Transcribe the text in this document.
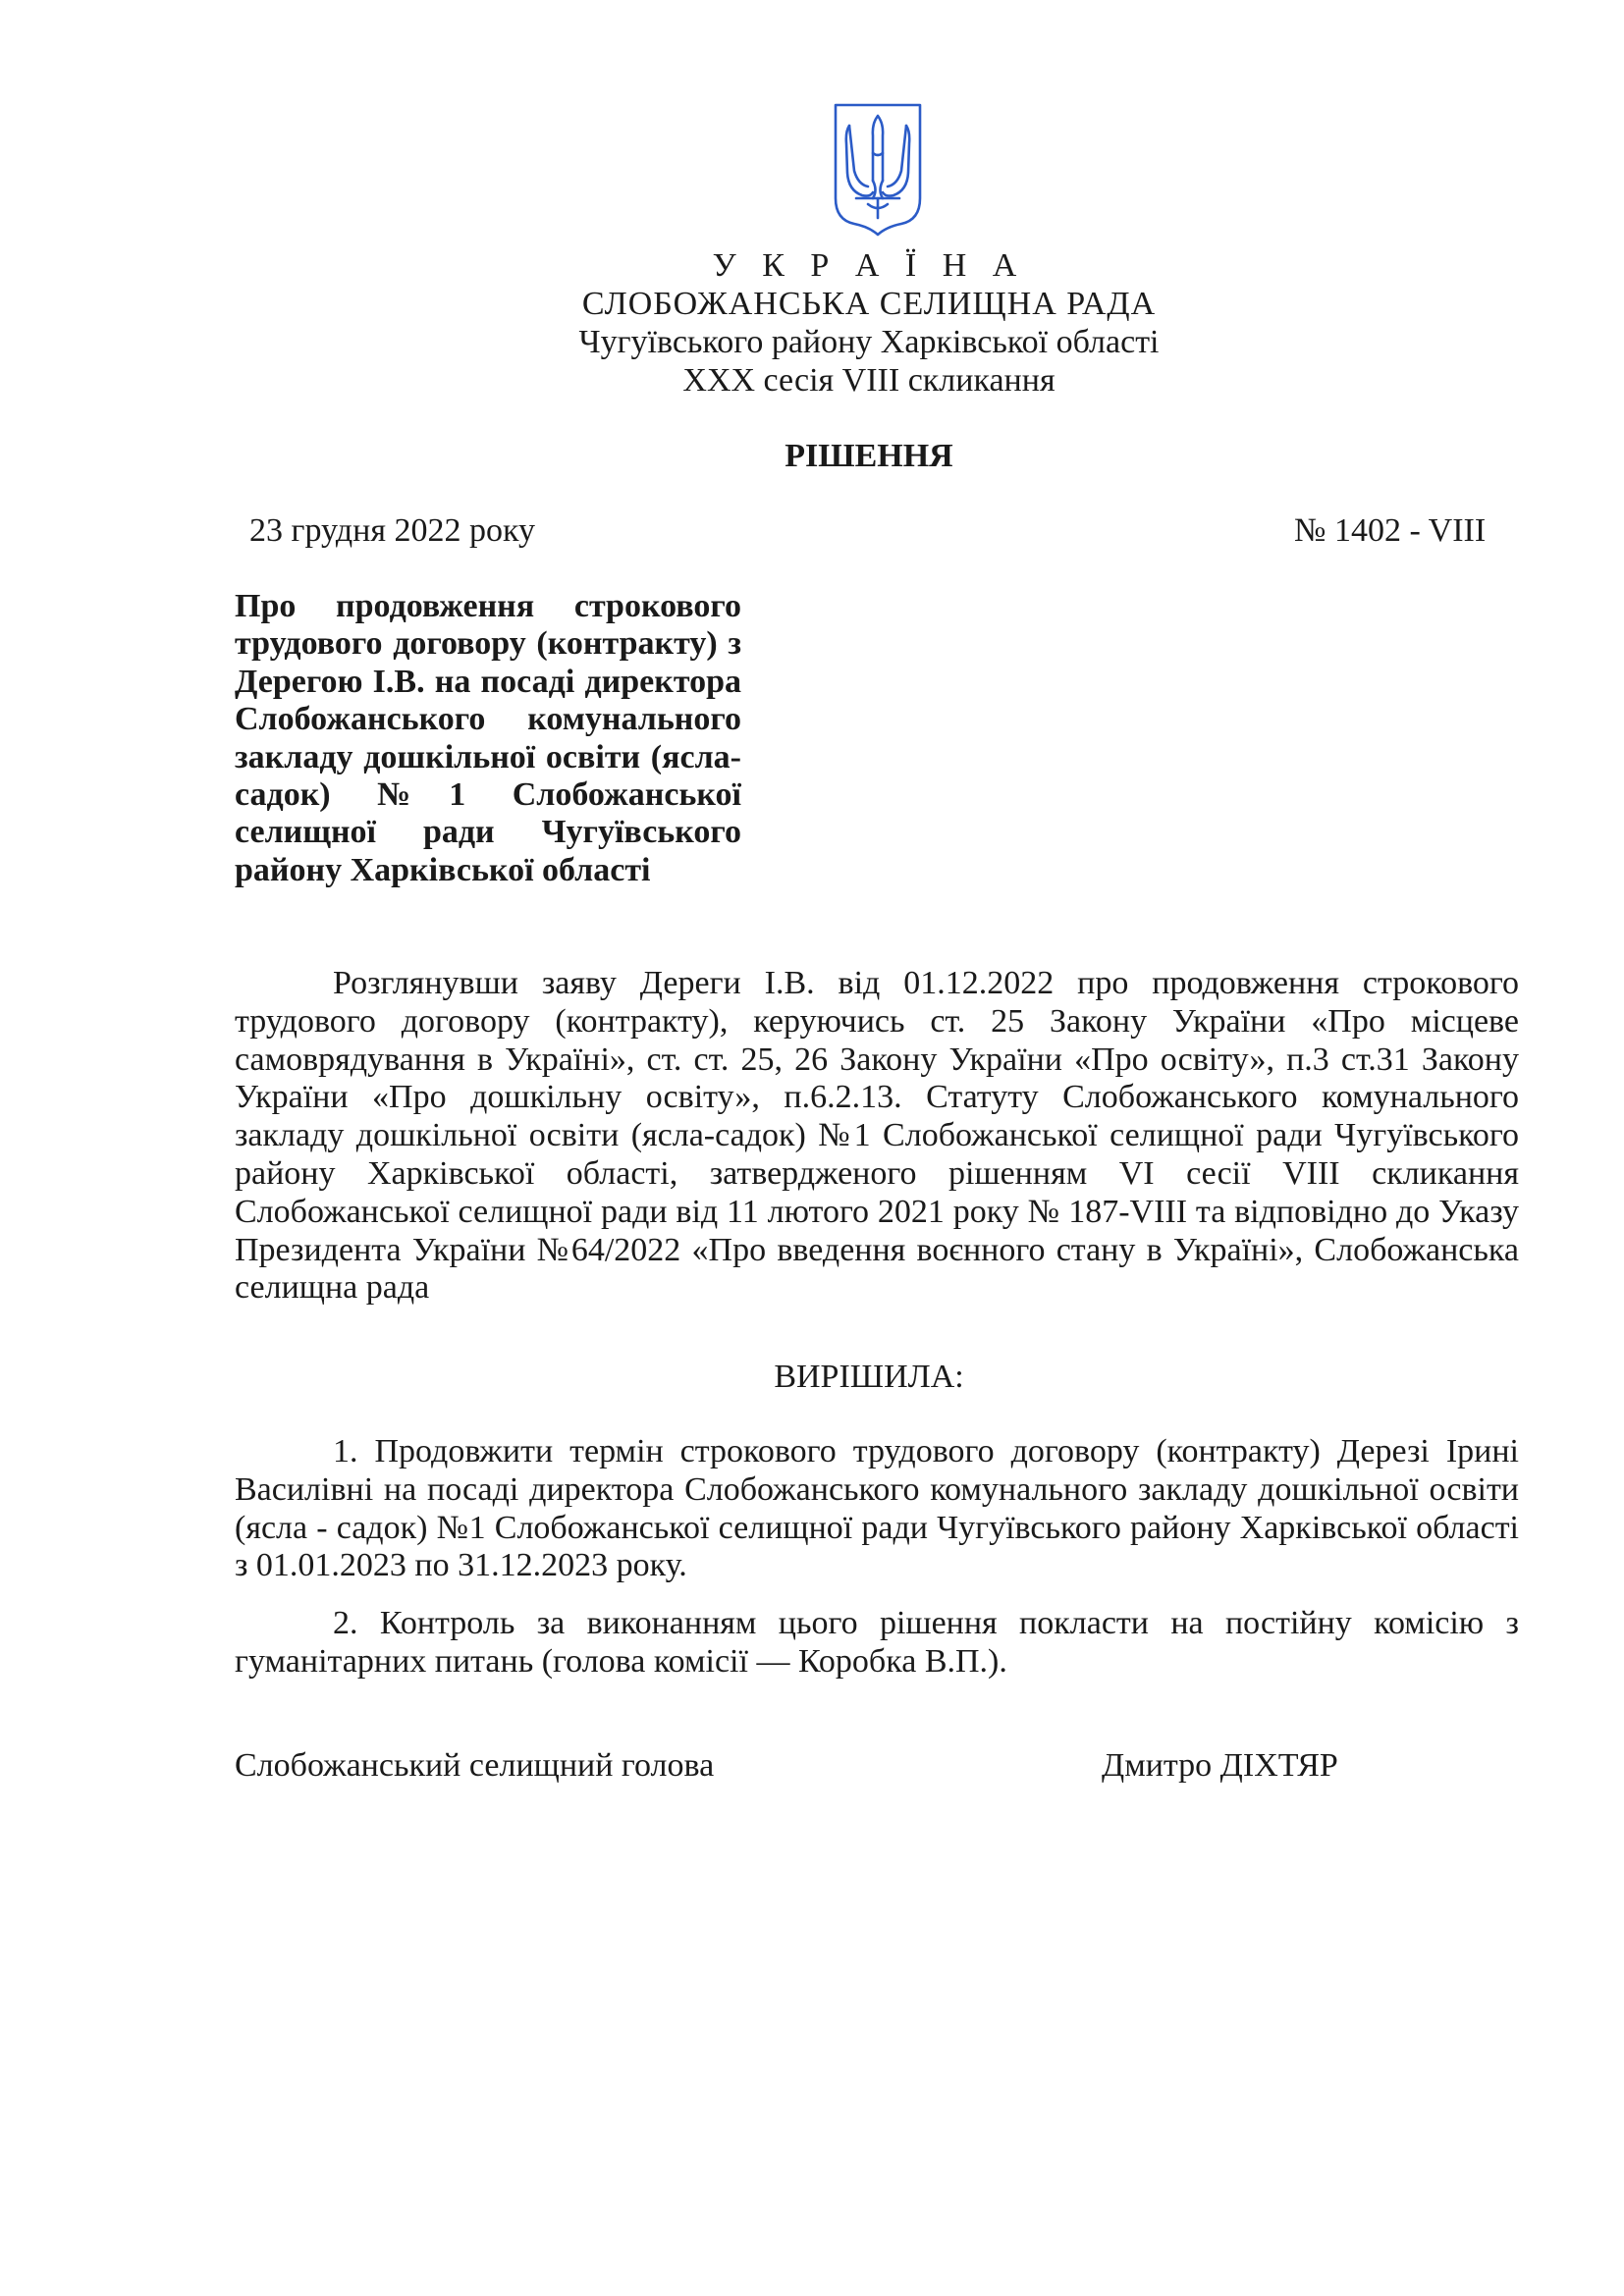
У К Р А Ї Н А
СЛОБОЖАНСЬКА СЕЛИЩНА РАДА
Чугуївського району Харківської області
XXX сесія VIII скликання
РІШЕННЯ
23 грудня 2022 року	№ 1402 - VIII
Про продовження строкового трудового договору (контракту) з Дерегою І.В. на посаді директора Слобожанського комунального закладу дошкільної освіти (ясла-садок) №1 Слобожанської селищної ради Чугуївського району Харківської області
Розглянувши заяву Дереги І.В. від 01.12.2022 про продовження строкового трудового договору (контракту), керуючись ст. 25 Закону України «Про місцеве самоврядування в Україні», ст. ст. 25, 26 Закону України «Про освіту», п.3 ст.31 Закону України «Про дошкільну освіту», п.6.2.13. Статуту Слобожанського комунального закладу дошкільної освіти (ясла-садок) №1 Слобожанської селищної ради Чугуївського району Харківської області, затвердженого рішенням VI сесії VIII скликання Слобожанської селищної ради від 11 лютого 2021 року № 187-VIII та відповідно до Указу Президента України №64/2022 «Про введення воєнного стану в Україні», Слобожанська селищна рада
ВИРІШИЛА:
1. Продовжити термін строкового трудового договору (контракту) Дерезі Ірині Василівні на посаді директора Слобожанського комунального закладу дошкільної освіти (ясла - садок) №1 Слобожанської селищної ради Чугуївського району Харківської області з 01.01.2023 по 31.12.2023 року.
2. Контроль за виконанням цього рішення покласти на постійну комісію з гуманітарних питань (голова комісії — Коробка В.П.).
Слобожанський селищний голова	Дмитро ДІХТЯР
